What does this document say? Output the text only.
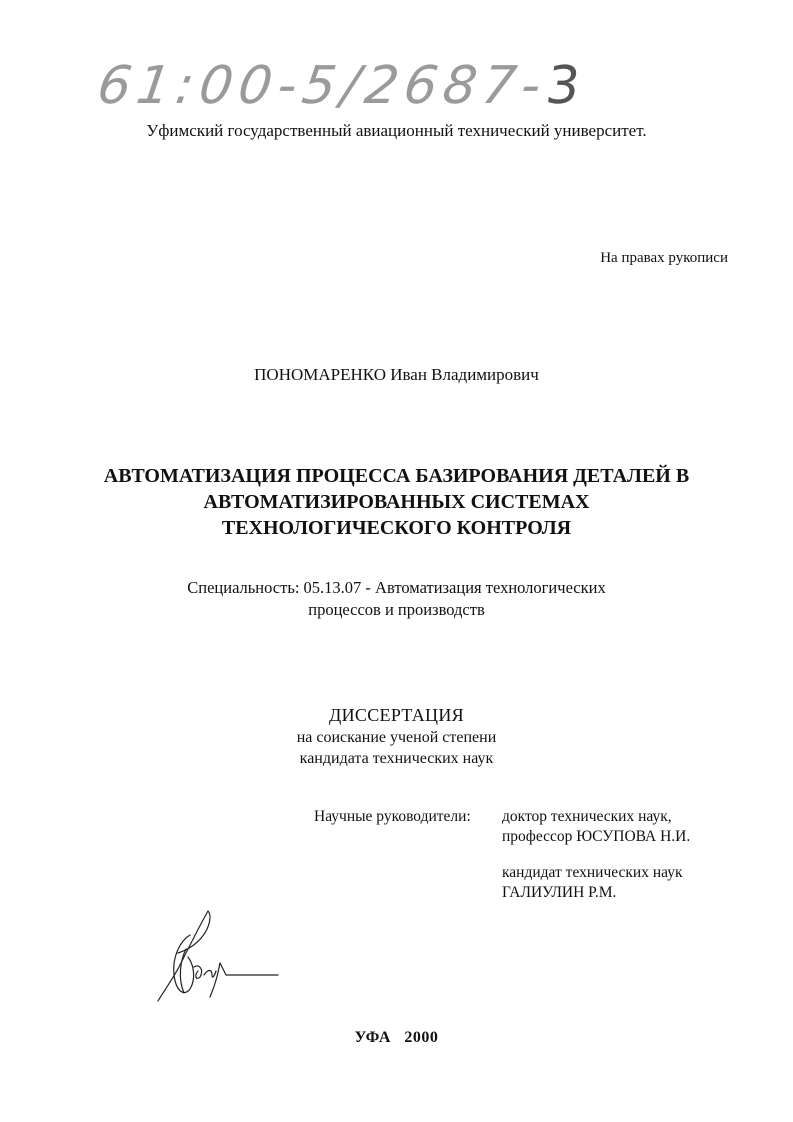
61:00-5/2687-3

Уфимский государственный авиационный технический университет.

На правах рукописи

ПОНОМАРЕНКО Иван Владимирович

АВТОМАТИЗАЦИЯ ПРОЦЕССА БАЗИРОВАНИЯ ДЕТАЛЕЙ В
АВТОМАТИЗИРОВАННЫХ СИСТЕМАХ
ТЕХНОЛОГИЧЕСКОГО КОНТРОЛЯ
Специальность: 05.13.07 - Автоматизация технологических
процессов и производств

ДИССЕРТАЦИЯ

на соискание ученой степени
кандидата технических наук

Научные руководители: доктор технических наук,
профессор ЮСУПОВА Н.И.
кандидат технических наук
ГАЛИУЛИН Р.М.

УФА   2000
